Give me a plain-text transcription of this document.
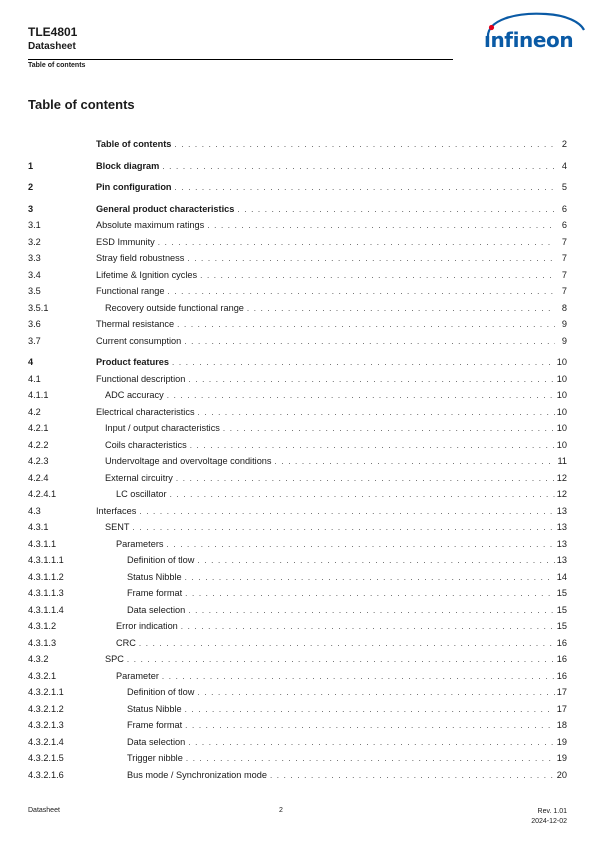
TLE4801
Datasheet
Table of contents
ınfineon
Table of contents
Table of contents . . .	2
1	Block diagram . . .	4
2	Pin configuration . . .	5
3	General product characteristics . . .	6
3.1	Absolute maximum ratings . . .	6
3.2	ESD Immunity . . .	7
3.3	Stray field robustness . . .	7
3.4	Lifetime & Ignition cycles . . .	7
3.5	Functional range . . .	7
3.5.1	Recovery outside functional range . . .	8
3.6	Thermal resistance . . .	9
3.7	Current consumption . . .	9
4	Product features . . .	10
4.1	Functional description . . .	10
4.1.1	ADC accuracy . . .	10
4.2	Electrical characteristics . . .	10
4.2.1	Input / output characteristics . . .	10
4.2.2	Coils characteristics . . .	10
4.2.3	Undervoltage and overvoltage conditions . . .	11
4.2.4	External circuitry . . .	12
4.2.4.1	LC oscillator . . .	12
4.3	Interfaces . . .	13
4.3.1	SENT . . .	13
4.3.1.1	Parameters . . .	13
4.3.1.1.1	Definition of tlow . . .	13
4.3.1.1.2	Status Nibble . . .	14
4.3.1.1.3	Frame format . . .	15
4.3.1.1.4	Data selection . . .	15
4.3.1.2	Error indication . . .	15
4.3.1.3	CRC . . .	16
4.3.2	SPC . . .	16
4.3.2.1	Parameter . . .	16
4.3.2.1.1	Definition of tlow . . .	17
4.3.2.1.2	Status Nibble . . .	17
4.3.2.1.3	Frame format . . .	18
4.3.2.1.4	Data selection . . .	19
4.3.2.1.5	Trigger nibble . . .	19
4.3.2.1.6	Bus mode / Synchronization mode . . .	20
Datasheet	2	Rev. 1.01
2024-12-02
